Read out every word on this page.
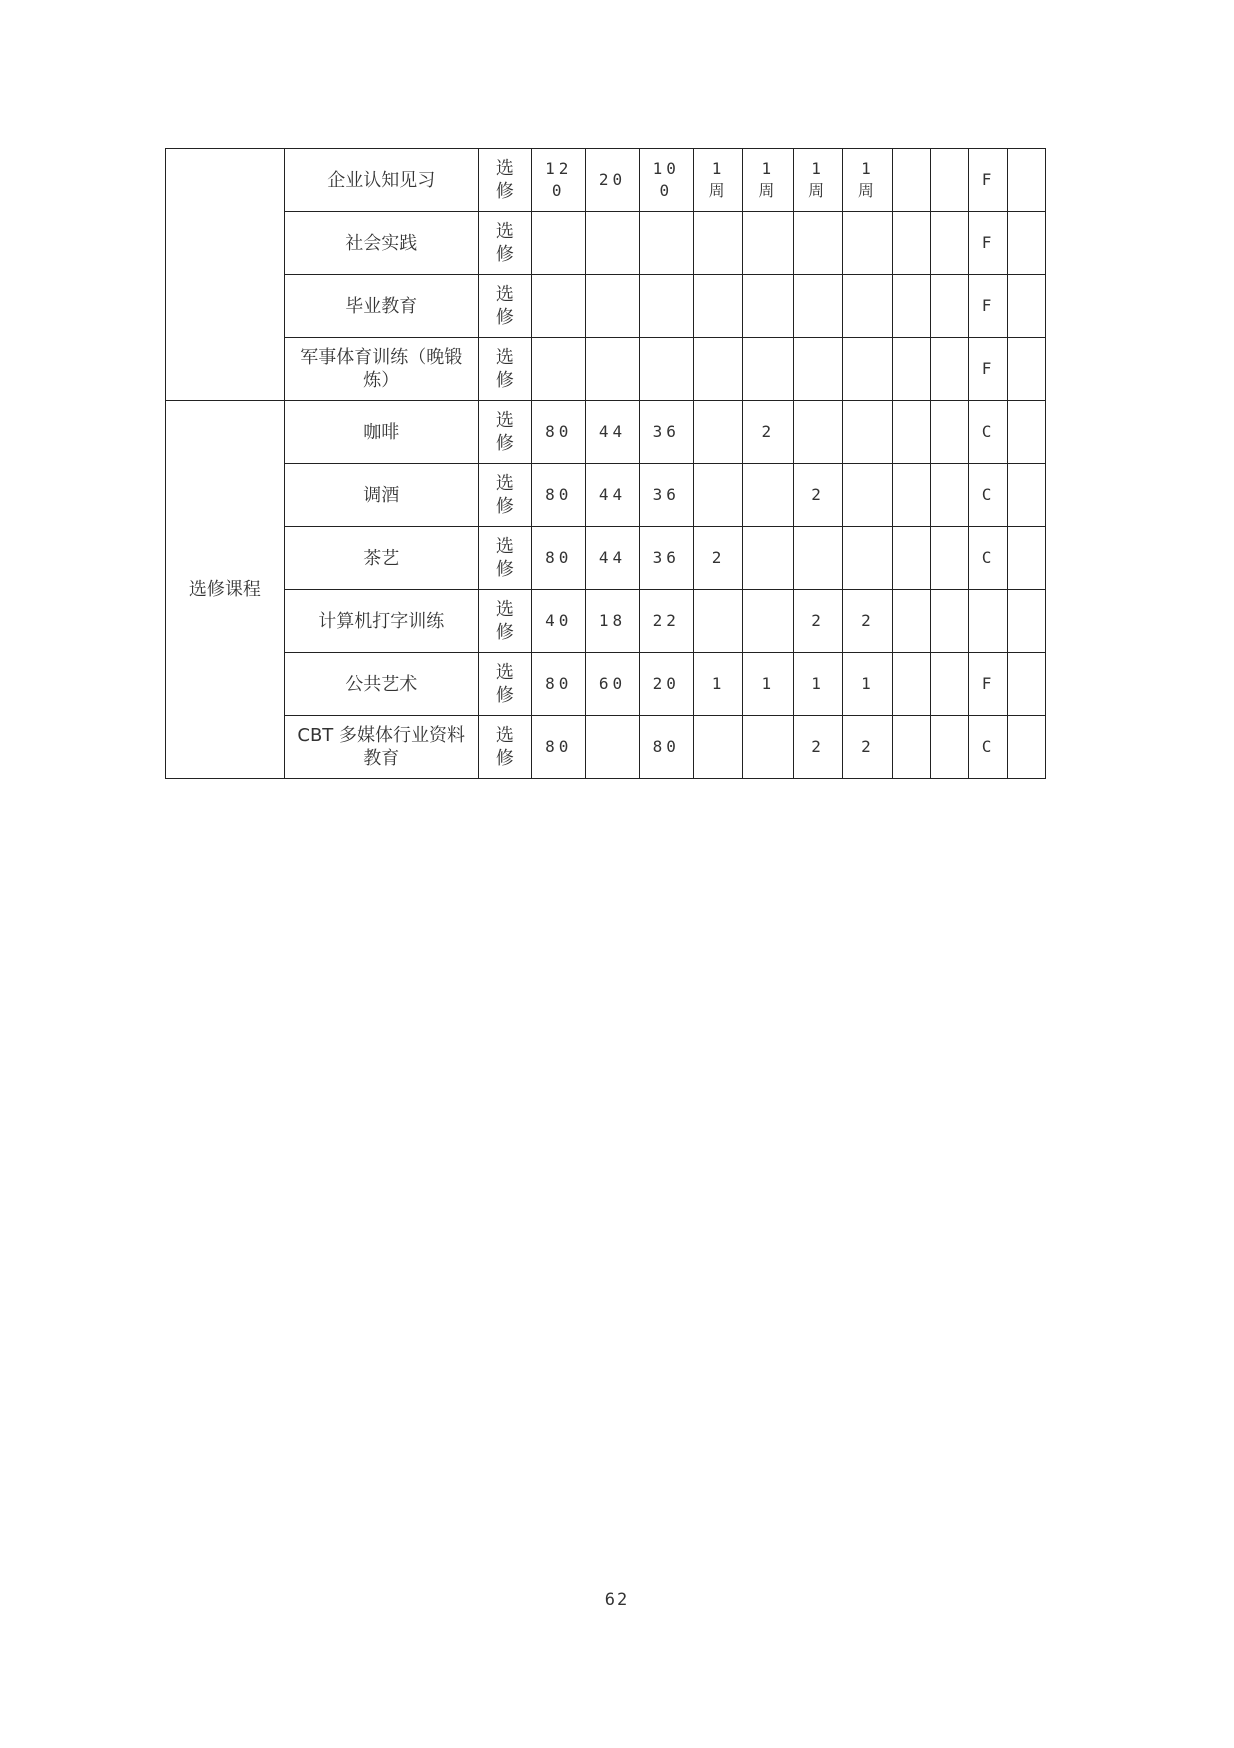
	企业认知见习	选修	120	20	100	1周	1周	1周	1周			F	

	社会实践	选修										F	

	毕业教育	选修										F	

	军事体育训练（晚锻炼）	选修										F	
选修课程	咖啡	选修	80	44	36		2					C	

	调酒	选修	80	44	36			2				C	

	茶艺	选修	80	44	36	2						C	

	计算机打字训练	选修	40	18	22			2	2				

	公共艺术	选修	80	60	20	1	1	1	1			F	

	CBT 多媒体行业资料教育	选修	80		80			2	2			C	
62
